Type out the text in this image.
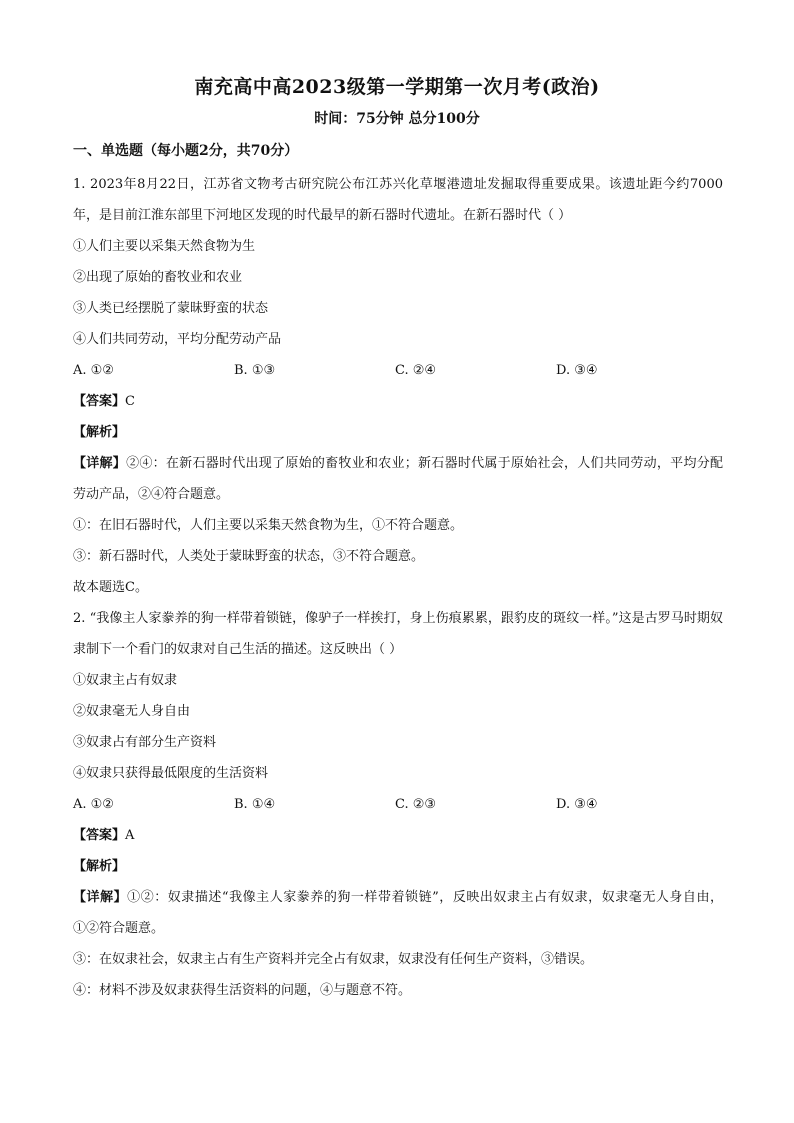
南充高中高2023级第一学期第一次月考(政治)
时间：75分钟 总分100分
一、单选题（每小题2分，共70分）
1. 2023年8月22日，江苏省文物考古研究院公布江苏兴化草堰港遗址发掘取得重要成果。该遗址距今约7000年，是目前江淮东部里下河地区发现的时代最早的新石器时代遗址。在新石器时代（ ）
①人们主要以采集天然食物为生
②出现了原始的畜牧业和农业
③人类已经摆脱了蒙昧野蛮的状态
④人们共同劳动，平均分配劳动产品
A. ①②	B. ①③	C. ②④	D. ③④
【答案】C
【解析】
【详解】②④：在新石器时代出现了原始的畜牧业和农业；新石器时代属于原始社会，人们共同劳动，平均分配劳动产品，②④符合题意。
①：在旧石器时代，人们主要以采集天然食物为生，①不符合题意。
③：新石器时代，人类处于蒙昧野蛮的状态，③不符合题意。
故本题选C。
2. “我像主人家豢养的狗一样带着锁链，像驴子一样挨打，身上伤痕累累，跟豹皮的斑纹一样。”这是古罗马时期奴隶制下一个看门的奴隶对自己生活的描述。这反映出（ ）
①奴隶主占有奴隶
②奴隶毫无人身自由
③奴隶占有部分生产资料
④奴隶只获得最低限度的生活资料
A. ①②	B. ①④	C. ②③	D. ③④
【答案】A
【解析】
【详解】①②：奴隶描述“我像主人家豢养的狗一样带着锁链”，反映出奴隶主占有奴隶，奴隶毫无人身自由，①②符合题意。
③：在奴隶社会，奴隶主占有生产资料并完全占有奴隶，奴隶没有任何生产资料，③错误。
④：材料不涉及奴隶获得生活资料的问题，④与题意不符。
